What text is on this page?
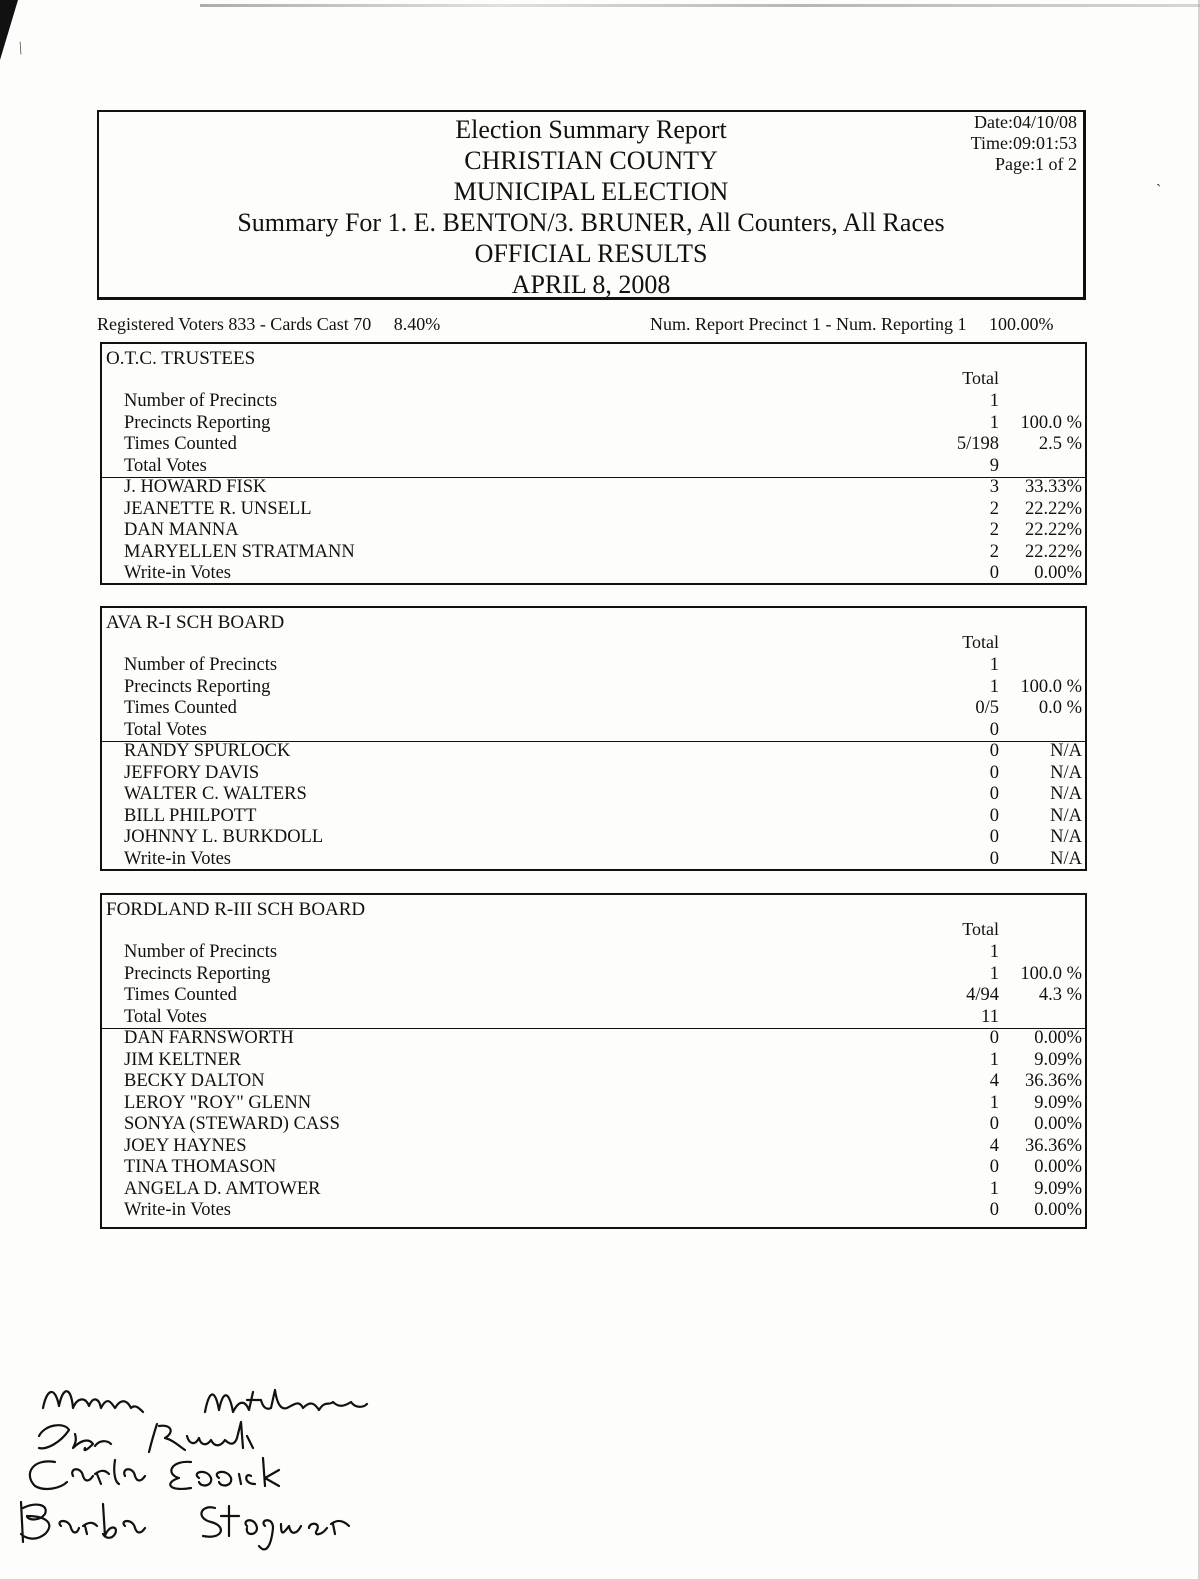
Election Summary Report
CHRISTIAN COUNTY
MUNICIPAL ELECTION
Summary For 1. E. BENTON/3. BRUNER, All Counters, All Races
OFFICIAL RESULTS
APRIL 8, 2008
Date:04/10/08
Time:09:01:53
Page:1 of 2
Registered Voters 833 - Cards Cast 70     8.40%	Num. Report Precinct 1 - Num. Reporting 1     100.00%
O.T.C. TRUSTEES
Total
Number of Precincts	1
Precincts Reporting	1	100.0 %
Times Counted	5/198	2.5 %
Total Votes	9
J. HOWARD FISK	3	33.33%
JEANETTE R. UNSELL	2	22.22%
DAN MANNA	2	22.22%
MARYELLEN STRATMANN	2	22.22%
Write-in Votes	0	0.00%
AVA R-I SCH BOARD
Total
Number of Precincts	1
Precincts Reporting	1	100.0 %
Times Counted	0/5	0.0 %
Total Votes	0
RANDY SPURLOCK	0	N/A
JEFFORY DAVIS	0	N/A
WALTER C. WALTERS	0	N/A
BILL PHILPOTT	0	N/A
JOHNNY L. BURKDOLL	0	N/A
Write-in Votes	0	N/A
FORDLAND R-III SCH BOARD
Total
Number of Precincts	1
Precincts Reporting	1	100.0 %
Times Counted	4/94	4.3 %
Total Votes	11
DAN FARNSWORTH	0	0.00%
JIM KELTNER	1	9.09%
BECKY DALTON	4	36.36%
LEROY "ROY" GLENN	1	9.09%
SONYA (STEWARD) CASS	0	0.00%
JOEY HAYNES	4	36.36%
TINA THOMASON	0	0.00%
ANGELA D. AMTOWER	1	9.09%
Write-in Votes	0	0.00%
⁄
ˎ
